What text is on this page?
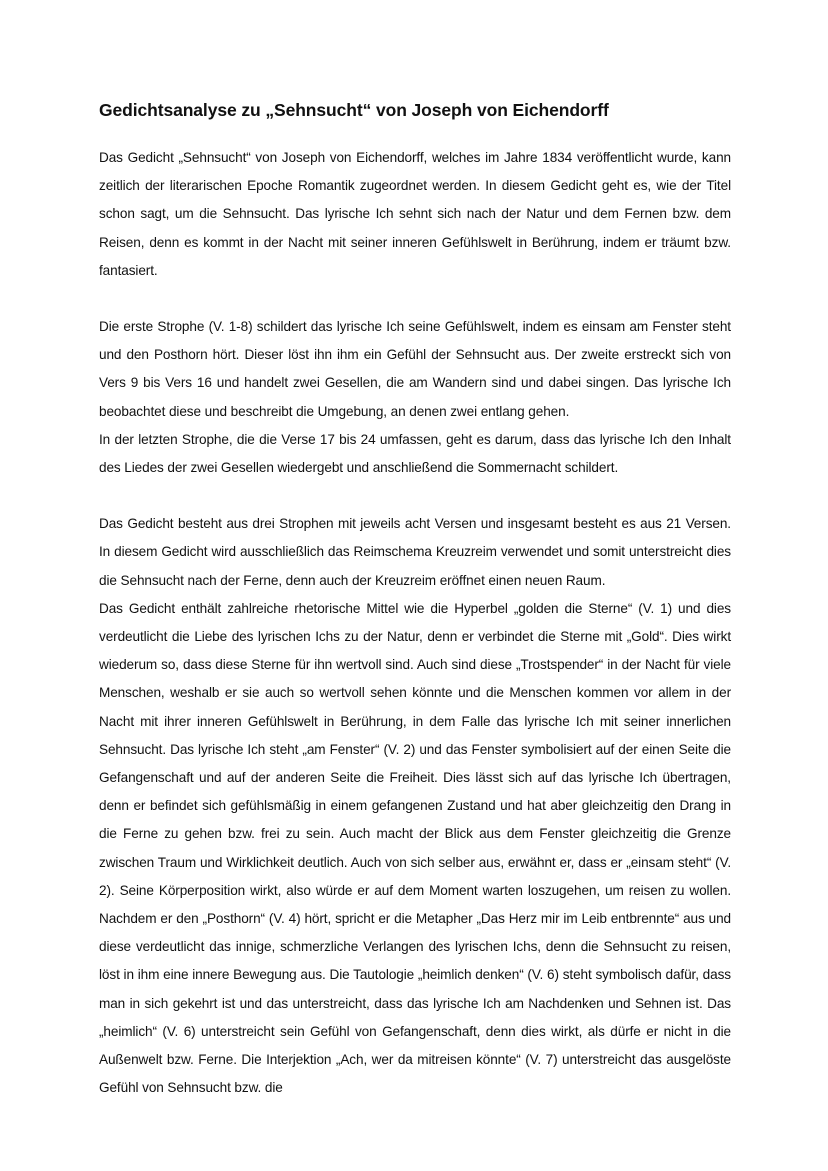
Gedichtsanalyse zu „Sehnsucht“ von Joseph von Eichendorff

Das Gedicht „Sehnsucht“ von Joseph von Eichendorff, welches im Jahre 1834 veröffentlicht wurde, kann zeitlich der literarischen Epoche Romantik zugeordnet werden. In diesem Gedicht geht es, wie der Titel schon sagt, um die Sehnsucht. Das lyrische Ich sehnt sich nach der Natur und dem Fernen bzw. dem Reisen, denn es kommt in der Nacht mit seiner inneren Gefühlswelt in Berührung, indem er träumt bzw. fantasiert.

Die erste Strophe (V. 1-8) schildert das lyrische Ich seine Gefühlswelt, indem es einsam am Fenster steht und den Posthorn hört. Dieser löst ihn ihm ein Gefühl der Sehnsucht aus. Der zweite erstreckt sich von Vers 9 bis Vers 16 und handelt zwei Gesellen, die am Wandern sind und dabei singen. Das lyrische Ich beobachtet diese und beschreibt die Umgebung, an denen zwei entlang gehen.

In der letzten Strophe, die die Verse 17 bis 24 umfassen, geht es darum, dass das lyrische Ich den Inhalt des Liedes der zwei Gesellen wiedergebt und anschließend die Sommernacht schildert.

Das Gedicht besteht aus drei Strophen mit jeweils acht Versen und insgesamt besteht es aus 21 Versen. In diesem Gedicht wird ausschließlich das Reimschema Kreuzreim verwendet und somit unterstreicht dies die Sehnsucht nach der Ferne, denn auch der Kreuzreim eröffnet einen neuen Raum.

Das Gedicht enthält zahlreiche rhetorische Mittel wie die Hyperbel „golden die Sterne“ (V. 1) und dies verdeutlicht die Liebe des lyrischen Ichs zu der Natur, denn er verbindet die Sterne mit „Gold“. Dies wirkt wiederum so, dass diese Sterne für ihn wertvoll sind. Auch sind diese „Trostspender“ in der Nacht für viele Menschen, weshalb er sie auch so wertvoll sehen könnte und die Menschen kommen vor allem in der Nacht mit ihrer inneren Gefühlswelt in Berührung, in dem Falle das lyrische Ich mit seiner innerlichen Sehnsucht. Das lyrische Ich steht „am Fenster“ (V. 2) und das Fenster symbolisiert auf der einen Seite die Gefangenschaft und auf der anderen Seite die Freiheit. Dies lässt sich auf das lyrische Ich übertragen, denn er befindet sich gefühlsmäßig in einem gefangenen Zustand und hat aber gleichzeitig den Drang in die Ferne zu gehen bzw. frei zu sein. Auch macht der Blick aus dem Fenster gleichzeitig die Grenze zwischen Traum und Wirklichkeit deutlich. Auch von sich selber aus, erwähnt er, dass er „einsam steht“ (V. 2). Seine Körperposition wirkt, also würde er auf dem Moment warten loszugehen, um reisen zu wollen. Nachdem er den „Posthorn“ (V. 4) hört, spricht er die Metapher „Das Herz mir im Leib entbrennte“ aus und diese verdeutlicht das innige, schmerzliche Verlangen des lyrischen Ichs, denn die Sehnsucht zu reisen, löst in ihm eine innere Bewegung aus. Die Tautologie „heimlich denken“ (V. 6) steht symbolisch dafür, dass man in sich gekehrt ist und das unterstreicht, dass das lyrische Ich am Nachdenken und Sehnen ist. Das „heimlich“ (V. 6) unterstreicht sein Gefühl von Gefangenschaft, denn dies wirkt, als dürfe er nicht in die Außenwelt bzw. Ferne. Die Interjektion „Ach, wer da mitreisen könnte“ (V. 7) unterstreicht das ausgelöste Gefühl von Sehnsucht bzw. die
